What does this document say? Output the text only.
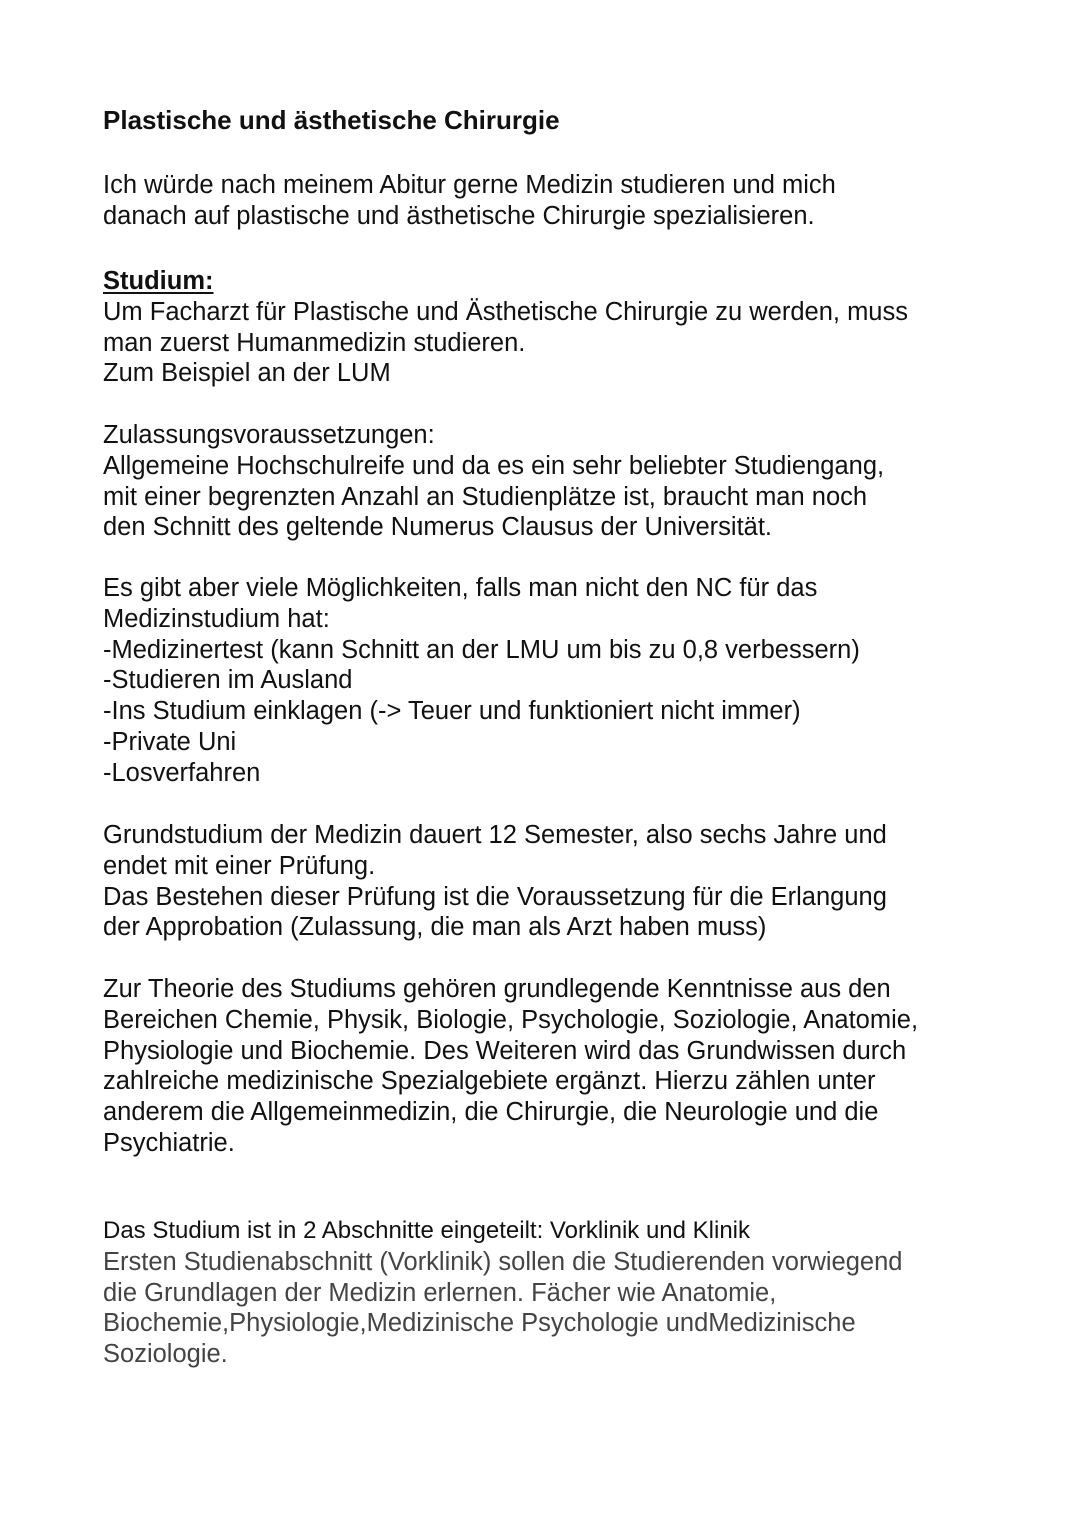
Plastische und ästhetische Chirurgie
Ich würde nach meinem Abitur gerne Medizin studieren und mich
danach auf plastische und ästhetische Chirurgie spezialisieren.
Studium:
Um Facharzt für Plastische und Ästhetische Chirurgie zu werden, muss
man zuerst Humanmedizin studieren.
Zum Beispiel an der LUM
Zulassungsvoraussetzungen:
Allgemeine Hochschulreife und da es ein sehr beliebter Studiengang,
mit einer begrenzten Anzahl an Studienplätze ist, braucht man noch
den Schnitt des geltende Numerus Clausus der Universität.
Es gibt aber viele Möglichkeiten, falls man nicht den NC für das
Medizinstudium hat:
-Medizinertest (kann Schnitt an der LMU um bis zu 0,8 verbessern)
-Studieren im Ausland
-Ins Studium einklagen (-> Teuer und funktioniert nicht immer)
-Private Uni
-Losverfahren
Grundstudium der Medizin dauert 12 Semester, also sechs Jahre und
endet mit einer Prüfung.
Das Bestehen dieser Prüfung ist die Voraussetzung für die Erlangung
der Approbation (Zulassung, die man als Arzt haben muss)
Zur Theorie des Studiums gehören grundlegende Kenntnisse aus den
Bereichen Chemie, Physik, Biologie, Psychologie, Soziologie, Anatomie,
Physiologie und Biochemie. Des Weiteren wird das Grundwissen durch
zahlreiche medizinische Spezialgebiete ergänzt. Hierzu zählen unter
anderem die Allgemeinmedizin, die Chirurgie, die Neurologie und die
Psychiatrie.
Das Studium ist in 2 Abschnitte eingeteilt: Vorklinik und Klinik
Ersten Studienabschnitt (Vorklinik) sollen die Studierenden vorwiegend
die Grundlagen der Medizin erlernen. Fächer wie Anatomie,
Biochemie,Physiologie,Medizinische Psychologie undMedizinische
Soziologie.
